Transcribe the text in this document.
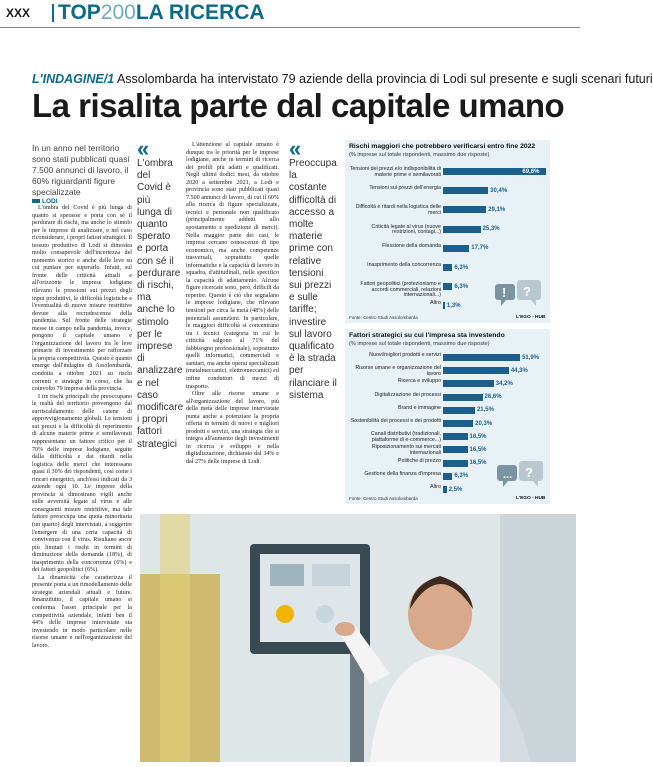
XXX TOP200LA RICERCA
L'INDAGINE/1 Assolombarda ha intervistato 79 aziende della provincia di Lodi sul presente e sugli scenari futuri
La risalita parte dal capitale umano
In un anno nel territorio sono stati pubblicati quasi 7.500 annunci di lavoro, il 60% riguardanti figure specializzate
LODI

L'ombra del Covid è più lunga di quanto si sperasse e porta con sé il perdurare di rischi, ma anche lo stimolo per le imprese di analizzare, e nel caso riconsiderare, i propri fattori strategici. Il tessuto produttivo di Lodi si dimostra molto consapevole dell'incertezza del momento storico e anche delle leve su cui puntare per superarlo. Infatti, sul fronte delle criticità attuali e all'orizzonte le imprese lodigiane rilevano le pressioni sui prezzi degli input produttivi, le difficoltà logistiche e l'eventualità di nuove misure restrittive dovute alla recrudescenza della pandemia. Sul fronte delle strategie messe in campo nella pandemia, invece, pongono il capitale umano e l'organizzazione del lavoro tra le leve primarie di investimento per rafforzare la propria competitività. Questo è quanto emerge dall'indagine di Assolombarda, condotta a ottobre 2021 su rischi correnti e strategie in corso, che ha coinvolto 79 imprese della provincia.

I tre rischi principali che preoccupano le realtà del territorio provengono dal surriscaldamento delle catene di approvvigionamento globali. Le tensioni sui prezzi e la difficoltà di reperimento di alcune materie prime e semilavorati rappresentano un fattore critico per il 70% delle imprese lodigiane, seguite dalla difficoltà e dai ritardi nella logistica delle merci che interessano quasi il 30% dei rispondenti, così come i rincari energetici, anch'essi indicati da 3 aziende ogni 10. Le imprese della provincia si dimostrano vigili anche sulle avversità legate al virus e alle conseguenti misure restrittive, ma tale fattore preoccupa una quota minoritaria (un quarto) degli intervistati, a suggerire l'emergere di una certa capacità di convivenza con il virus. Risultano ancor più limitati i rischi in termini di diminuzione della domanda (18%), di inasprimento della concorrenza (6%) e dei fattori geopolitici (6%).

La dinamicità che caratterizza il presente porta a un rimodellamento delle strategie aziendali attuali e future. Innanzitutto, il capitale umano si conferma l'asset principale per la competitività aziendale, infatti ben il 44% delle imprese intervistate sta investendo in modo particolare nelle risorse umane e nell'organizzazione del lavoro.

«
L'ombra del Covid è più lunga di quanto sperato e porta con sé il perdurare di rischi, ma anche lo stimolo per le imprese di analizzare e nel caso modificare i propri fattori strategici

L'attenzione al capitale umano è dunque tra le priorità per le imprese lodigiane, anche in termini di ricerca dei profili più adatti e qualificati. Negli ultimi dodici mesi, da ottobre 2020 a settembre 2021, a Lodi e provincia sono stati pubblicati quasi 7.500 annunci di lavoro, di cui il 60% alla ricerca di figure specializzate, tecnici e personale non qualificato (principalmente addetti allo spostamento e spedizione di merci). Nella maggior parte dei casi, le imprese cercano conoscenze di tipo economico, ma anche competenze trasversali, soprattutto quelle informatiche e la capacità di lavoro in squadra, d'attitudinali, nelle specifico la capacità di adattamento. Alcune figure ricercate sono, però, difficili da reperire. Questo è ciò che segnalano le imprese lodigiane, che rilevano tensioni per circa la metà (48%) delle potenziali assunzioni. In particolare, le maggiori difficoltà si concentrano tra i tecnici (categoria in cui le criticità salgono al 71% del fabbisogno professionale), soprattutto quelli informatici, commerciali e sanitari, ma anche operai specializzati (metalmeccanici, elettromeccanici) ed infine conduttori di mezzi di trasporto.

Oltre alle risorse umane e all'organizzazione del lavoro, più della metà delle imprese intervistate punta anche a potenziare la propria offerta in termini di nuovi e migliori prodotti e servizi, una strategia che si integra all'aumento degli investimenti in ricerca e sviluppo e nella digitalizzazione, dichiarato dal 34% e dal 27% delle imprese di Lodi.

«
Preoccupa la costante difficoltà di accesso a molte materie prime con relative tensioni sui prezzi e sulle tariffe; investire sul lavoro qualificato è la strada per rilanciare il sistema
Rischi maggiori che potrebbero verificarsi entro fine 2022
(% imprese sul totale rispondenti, massimo due risposte)
Tensioni dei prezzi e/o indisponibilità di materie prime e semilavorati
69,6%
Tensioni sui prezzi dell'energia	30,4%
Difficoltà e ritardi nella logistica delle merci
29,1%
Criticità legate al virus (nuove restrizioni, contagi...)
25,3%
Flessione della domanda	17,7%
Inasprimento della concorrenza 6,3%
Fattori geopolitici (protezionismo e accordi commerciali, relazioni internazionali...)
6,3%
Altro 1,3%
! ?
Fonte: Centro Studi Assolombarda	L'EGO - HUB
Fattori strategici su cui l'impresa sta investendo
(% imprese sul totale rispondenti, massimo due risposte)
Nuovi/migliori prodotti e servizi	51,9%
Risorse umane e organizzazione del lavoro
44,3%
Ricerca e sviluppo	34,2%
Digitalizzazione dei processi	26,6%
Brand e immagine	21,5%
Sostenibilità dei processi e dei prodotti	20,3%
Canali distributivi (tradizionali, piattaforme di e-commerce...)
16,5%
Riposizionamento sui mercati internazionali
16,5%
Politiche di prezzo	16,5%
Gestione della finanza d'impresa 6,3%
Altro 2,5%
... ?
Fonte: Centro Studi Assolombarda	L'EGO - HUB
